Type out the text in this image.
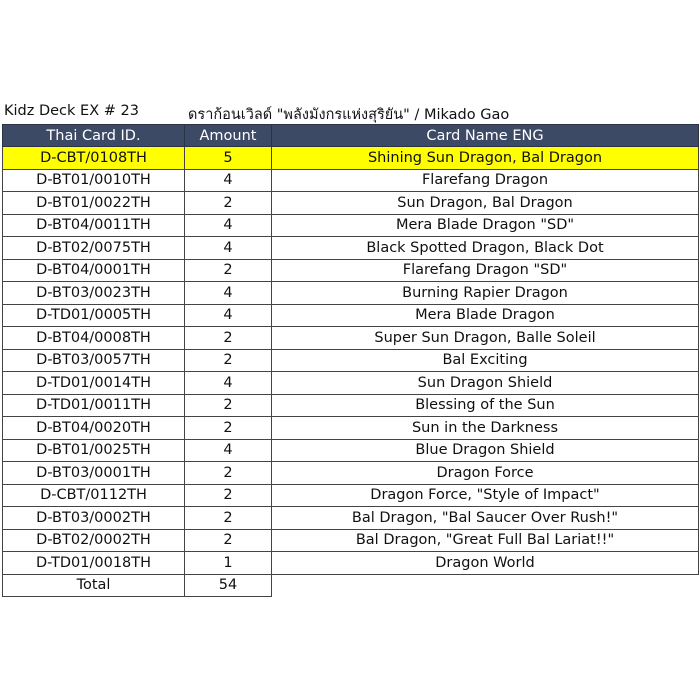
Kidz Deck EX # 23	ดราก้อนเวิลด์ "พลังมังกรแห่งสุริยัน" / Mikado Gao
Thai Card ID.	Amount	Card Name ENG
D-CBT/0108TH	5	Shining Sun Dragon, Bal Dragon
D-BT01/0010TH	4	Flarefang Dragon
D-BT01/0022TH	2	Sun Dragon, Bal Dragon
D-BT04/0011TH	4	Mera Blade Dragon "SD"
D-BT02/0075TH	4	Black Spotted Dragon, Black Dot
D-BT04/0001TH	2	Flarefang Dragon "SD"
D-BT03/0023TH	4	Burning Rapier Dragon
D-TD01/0005TH	4	Mera Blade Dragon
D-BT04/0008TH	2	Super Sun Dragon, Balle Soleil
D-BT03/0057TH	2	Bal Exciting
D-TD01/0014TH	4	Sun Dragon Shield
D-TD01/0011TH	2	Blessing of the Sun
D-BT04/0020TH	2	Sun in the Darkness
D-BT01/0025TH	4	Blue Dragon Shield
D-BT03/0001TH	2	Dragon Force
D-CBT/0112TH	2	Dragon Force, "Style of Impact"
D-BT03/0002TH	2	Bal Dragon, "Bal Saucer Over Rush!"
D-BT02/0002TH	2	Bal Dragon, "Great Full Bal Lariat!!"
D-TD01/0018TH	1	Dragon World
Total	54	
